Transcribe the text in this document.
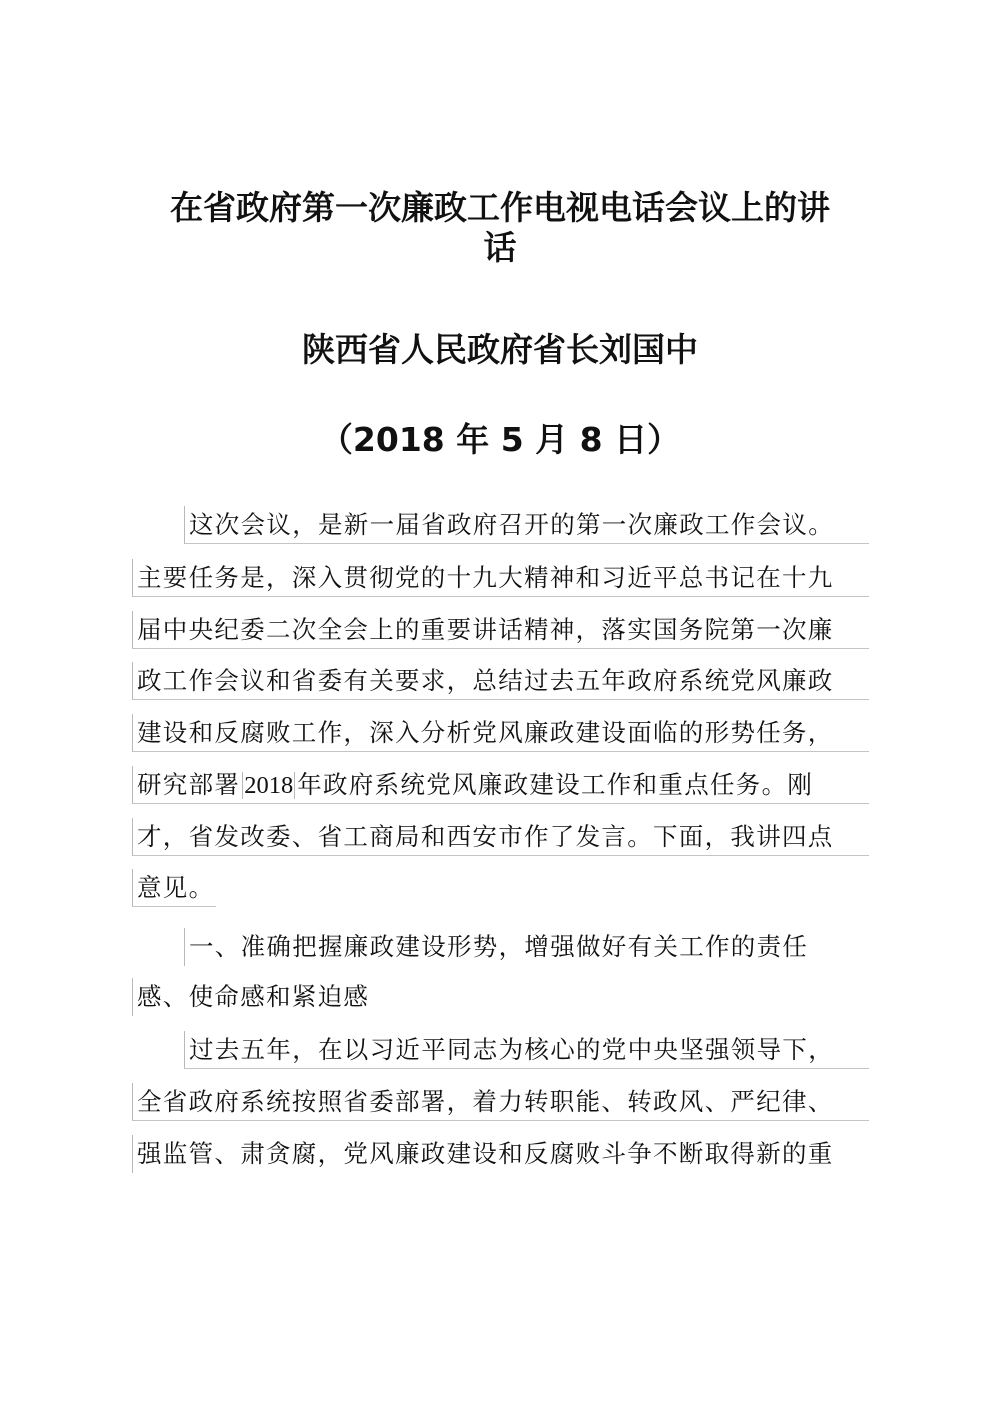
在省政府第一次廉政工作电视电话会议上的讲
话
陕西省人民政府省长刘国中
（2018 年 5 月 8 日）
这次会议，是新一届省政府召开的第一次廉政工作会议。
主要任务是，深入贯彻党的十九大精神和习近平总书记在十九
届中央纪委二次全会上的重要讲话精神，落实国务院第一次廉
政工作会议和省委有关要求，总结过去五年政府系统党风廉政
建设和反腐败工作，深入分析党风廉政建设面临的形势任务，
研究部署 2018 年政府系统党风廉政建设工作和重点任务。刚
才，省发改委、省工商局和西安市作了发言。下面，我讲四点
意见。
一、准确把握廉政建设形势，增强做好有关工作的责任
感、使命感和紧迫感
过去五年，在以习近平同志为核心的党中央坚强领导下，
全省政府系统按照省委部署，着力转职能、转政风、严纪律、
强监管、肃贪腐，党风廉政建设和反腐败斗争不断取得新的重
